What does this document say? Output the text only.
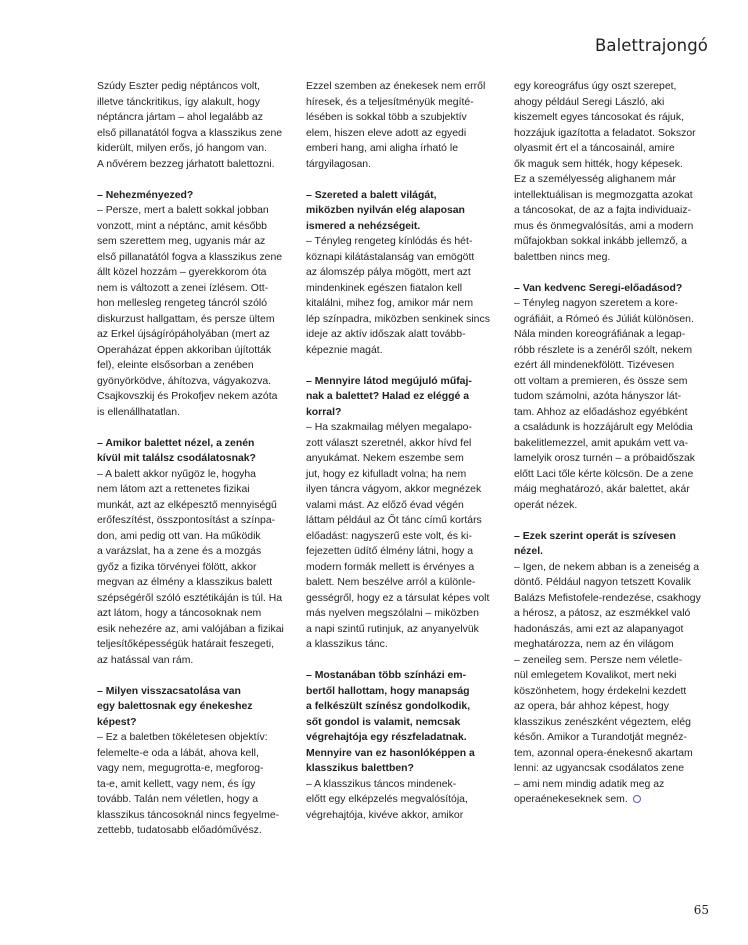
Balettrajongó

Szúdy Eszter pedig néptáncos volt,

illetve tánckritikus, így alakult, hogy

néptáncra jártam – ahol legalább az

első pillanatától fogva a klasszikus zene

kiderült, milyen erős, jó hangom van.

A nővérem bezzeg járhatott balettozni.

– Nehezményezed?

– Persze, mert a balett sokkal jobban

vonzott, mint a néptánc, amit később

sem szerettem meg, ugyanis már az

első pillanatától fogva a klasszikus zene

állt közel hozzám – gyerekkorom óta

nem is változott a zenei ízlésem. Ott-

hon mellesleg rengeteg táncról szóló

diskurzust hallgattam, és persze ültem

az Erkel újságírópáholyában (mert az

Operaházat éppen akkoriban újították

fel), eleinte elsősorban a zenében

gyönyörködve, áhítozva, vágyakozva.

Csajkovszkij és Prokofjev nekem azóta

is ellenállhatatlan.

– Amikor balettet nézel, a zenén

kívül mit találsz csodálatosnak?

– A balett akkor nyűgöz le, hogyha

nem látom azt a rettenetes fizikai

munkát, azt az elképesztő mennyiségű

erőfeszítést, összpontosítást a színpa-

don, ami pedig ott van. Ha működik

a varázslat, ha a zene és a mozgás

győz a fizika törvényei fölött, akkor

megvan az élmény a klasszikus balett

szépségéről szóló esztétikáján is túl. Ha

azt látom, hogy a táncosoknak nem

esik nehezére az, ami valójában a fizikai

teljesítőképességük határait feszegeti,

az hatással van rám.

– Milyen visszacsatolása van

egy balettosnak egy énekeshez

képest?

– Ez a baletben tökéletesen objektív:

felemelte-e oda a lábát, ahova kell,

vagy nem, megugrotta-e, megforog-

ta-e, amit kellett, vagy nem, és így

tovább. Talán nem véletlen, hogy a

klasszikus táncosoknál nincs fegyelme-

zettebb, tudatosabb előadóművész.

Ezzel szemben az énekesek nem erről

híresek, és a teljesítményük megíté-

lésében is sokkal több a szubjektív

elem, hiszen eleve adott az egyedi

emberi hang, ami aligha írható le

tárgyilagosan.

– Szereted a balett világát,

miközben nyilván elég alaposan

ismered a nehézségeit.

– Tényleg rengeteg kínlódás és hét-

köznapi kilátástalanság van emögött

az álomszép pálya mögött, mert azt

mindenkinek egészen fiatalon kell

kitalálni, mihez fog, amikor már nem

lép színpadra, miközben senkinek sincs

ideje az aktív időszak alatt tovább-

képeznie magát.

– Mennyire látod megújuló műfaj-

nak a balettet? Halad ez eléggé a

korral?

– Ha szakmailag mélyen megalapo-

zott választ szeretnél, akkor hívd fel

anyukámat. Nekem eszembe sem

jut, hogy ez kifulladt volna; ha nem

ilyen táncra vágyom, akkor megnézek

valami mást. Az előző évad végén

láttam például az Őt tánc című kortárs

előadást: nagyszerű este volt, és ki-

fejezetten üdítő élmény látni, hogy a

modern formák mellett is érvényes a

balett. Nem beszélve arról a különle-

gességről, hogy ez a társulat képes volt

más nyelven megszólalni – miközben

a napi szintű rutinjuk, az anyanyelvük

a klasszikus tánc.

– Mostanában több színházi em-

bertől hallottam, hogy manapság

a felkészült színész gondolkodik,

sőt gondol is valamit, nemcsak

végrehajtója egy részfeladatnak.

Mennyire van ez hasonlóképpen a

klasszikus balettben?

– A klasszikus táncos mindenek-

előtt egy elképzelés megvalósítója,

végrehajtója, kivéve akkor, amikor

egy koreográfus úgy oszt szerepet,

ahogy például Seregi László, aki

kiszemelt egyes táncosokat és rájuk,

hozzájuk igazította a feladatot. Sokszor

olyasmit ért el a táncosainál, amire

ők maguk sem hitték, hogy képesek.

Ez a személyesség alighanem már

intellektuálisan is megmozgatta azokat

a táncosokat, de az a fajta individuaiz-

mus és önmegvalósítás, ami a modern

műfajokban sokkal inkább jellemző, a

balettben nincs meg.

– Van kedvenc Seregi-előadásod?

– Tényleg nagyon szeretem a kore-

ográfiáit, a Rómeó és Júliát különösen.

Nála minden koreográfiának a legap-

róbb részlete is a zenéről szólt, nekem

ezért áll mindenekfölött. Tizévesen

ott voltam a premieren, és össze sem

tudom számolni, azóta hányszor lát-

tam. Ahhoz az előadáshoz egyébként

a családunk is hozzájárult egy Melódia

bakelitlemezzel, amit apukám vett va-

lamelyik orosz turnén – a próbaidőszak

előtt Laci tőle kérte kölcsön. De a zene

máig meghatározó, akár balettet, akár

operát nézek.

– Ezek szerint operát is szívesen

nézel.

– Igen, de nekem abban is a zeneiség a

döntő. Például nagyon tetszett Kovalik

Balázs Mefistofele-rendezése, csakhogy

a hérosz, a pátosz, az eszmékkel való

hadonászás, ami ezt az alapanyagot

meghatározza, nem az én világom

– zeneileg sem. Persze nem véletle-

nül emlegetem Kovalikot, mert neki

köszönhetem, hogy érdekelni kezdett

az opera, bár ahhoz képest, hogy

klasszikus zenészként végeztem, elég

későn. Amikor a Turandotját megnéz-

tem, azonnal opera-énekesnő akartam

lenni: az ugyancsak csodálatos zene

– ami nem mindig adatik meg az

operaénekeseknek sem.

65
